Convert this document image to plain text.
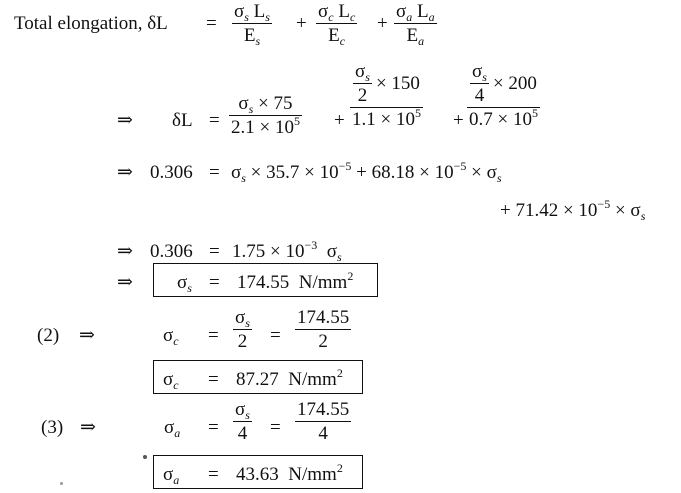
Total elongation, δL =
$\sigma_s$ $L_s$
$E_s$
+
$\sigma_c$ $L_c$
$E_c$
+
$\sigma_a$ $L_a$
$E_a$
⇒ δL =
$\sigma_s \times 75$
$2.1 \times 10^5$ +
$\frac{\sigma_s}{2} \times 150$
$1.1 \times 10^5$ +
$\frac{\sigma_s}{4} \times 200$
$0.7 \times 10^5$
⇒ $0.306 = \sigma_s \times 35.7 \times 10^{-5} + 68.18 \times 10^{-5} \times \sigma_s$
+ $71.42 \times 10^{-5} \times \sigma_s$
⇒ $0.306 = 1.75 \times 10^{-3}$  $\sigma_s$
⇒ $\sigma_s = 174.55$  $N/mm^2$
(2) ⇒	$\sigma_c$ =
$\sigma_s$
2 =
174.55
2
$\sigma_c = 87.27$  $N/mm^2$
(3) ⇒	$\sigma_a$ =
$\sigma_s$
4 =
174.55
4
$\sigma_a = 43.63$  $N/mm^2$
